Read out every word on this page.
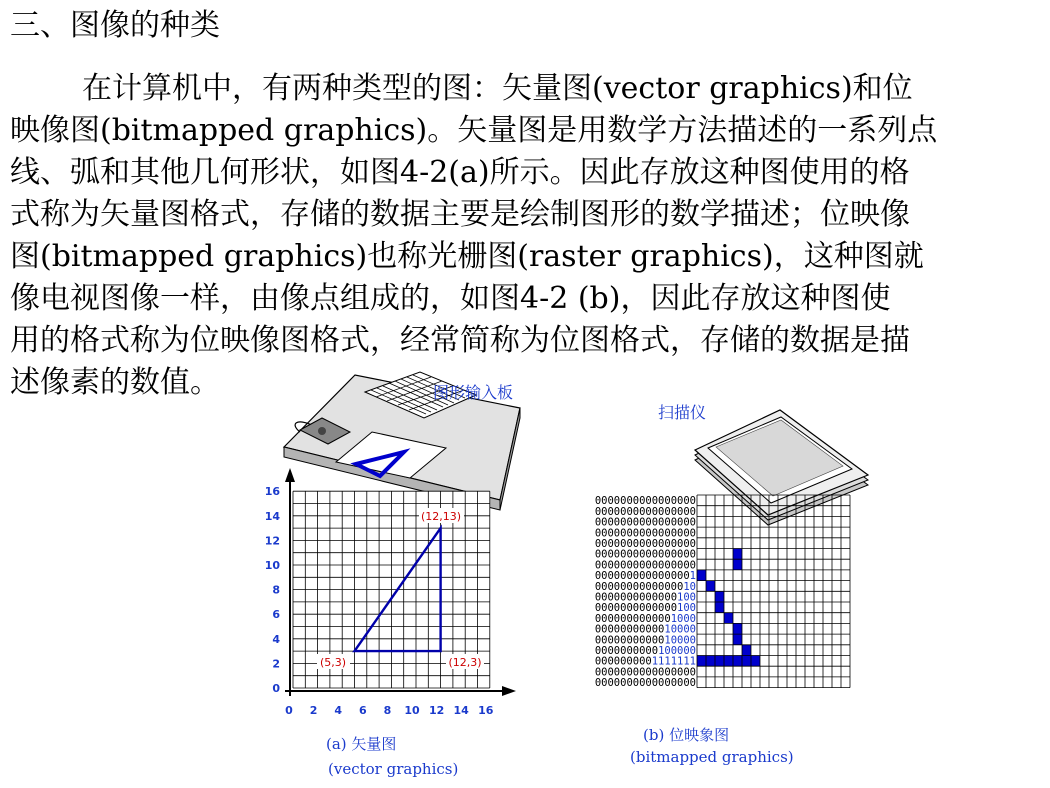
三、图像的种类
在计算机中，有两种类型的图：矢量图(vector graphics)和位
映像图(bitmapped graphics)。矢量图是用数学方法描述的一系列点
线、弧和其他几何形状，如图4-2(a)所示。因此存放这种图使用的格
式称为矢量图格式，存储的数据主要是绘制图形的数学描述；位映像
图(bitmapped graphics)也称光栅图(raster graphics)，这种图就
像电视图像一样，由像点组成的，如图4-2 (b)，因此存放这种图使
用的格式称为位映像图格式，经常简称为位图格式，存储的数据是描
述像素的数值。	图形输入板
扫描仪
0
2
4
6
8
10
12
14
16
0 2 4 6 8 10 12 14 16
(12,13)
(5,3)	(12,3)
(a) 矢量图
(vector graphics)
0000000000000000
0000000000000000
0000000000000000
0000000000000000
0000000000000000
0000000000000000
0000000000000000
0000000000000001
0000000000000010
0000000000000100
0000000000000100
0000000000001000
0000000000010000
0000000000010000
0000000000100000
0000000001111111
0000000000000000
0000000000000000
(b) 位映象图
(bitmapped graphics)
